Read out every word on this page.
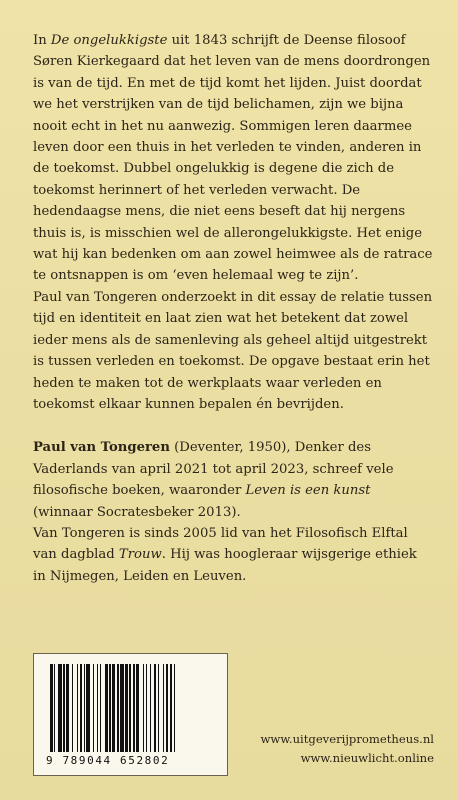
In De ongelukkigste uit 1843 schrijft de Deense filosoof Søren Kierkegaard dat het leven van de mens doordrongen is van de tijd. En met de tijd komt het lijden. Juist doordat we het verstrijken van de tijd belichamen, zijn we bijna nooit echt in het nu aanwezig. Sommigen leren daarmee leven door een thuis in het verleden te vinden, anderen in de toekomst. Dubbel ongelukkig is degene die zich de toekomst herinnert of het verleden verwacht. De hedendaagse mens, die niet eens beseft dat hij nergens thuis is, is misschien wel de allerongelukkigste. Het enige wat hij kan bedenken om aan zowel heimwee als de ratrace te ontsnappen is om ‘even helemaal weg te zijn’.

Paul van Tongeren onderzoekt in dit essay de relatie tussen tijd en identiteit en laat zien wat het betekent dat zowel ieder mens als de samenleving als geheel altijd uitgestrekt is tussen verleden en toekomst. De opgave bestaat erin het heden te maken tot de werkplaats waar verleden en toekomst elkaar kunnen bepalen én bevrijden.

Paul van Tongeren (Deventer, 1950), Denker des Vaderlands van april 2021 tot april 2023, schreef vele filosofische boeken, waaronder Leven is een kunst (winnaar Socratesbeker 2013).

Van Tongeren is sinds 2005 lid van het Filosofisch Elftal van dagblad Trouw. Hij was hoogleraar wijsgerige ethiek in Nijmegen, Leiden en Leuven.

9 789044 652802
www.uitgeverijprometheus.nl
www.nieuwlicht.online
